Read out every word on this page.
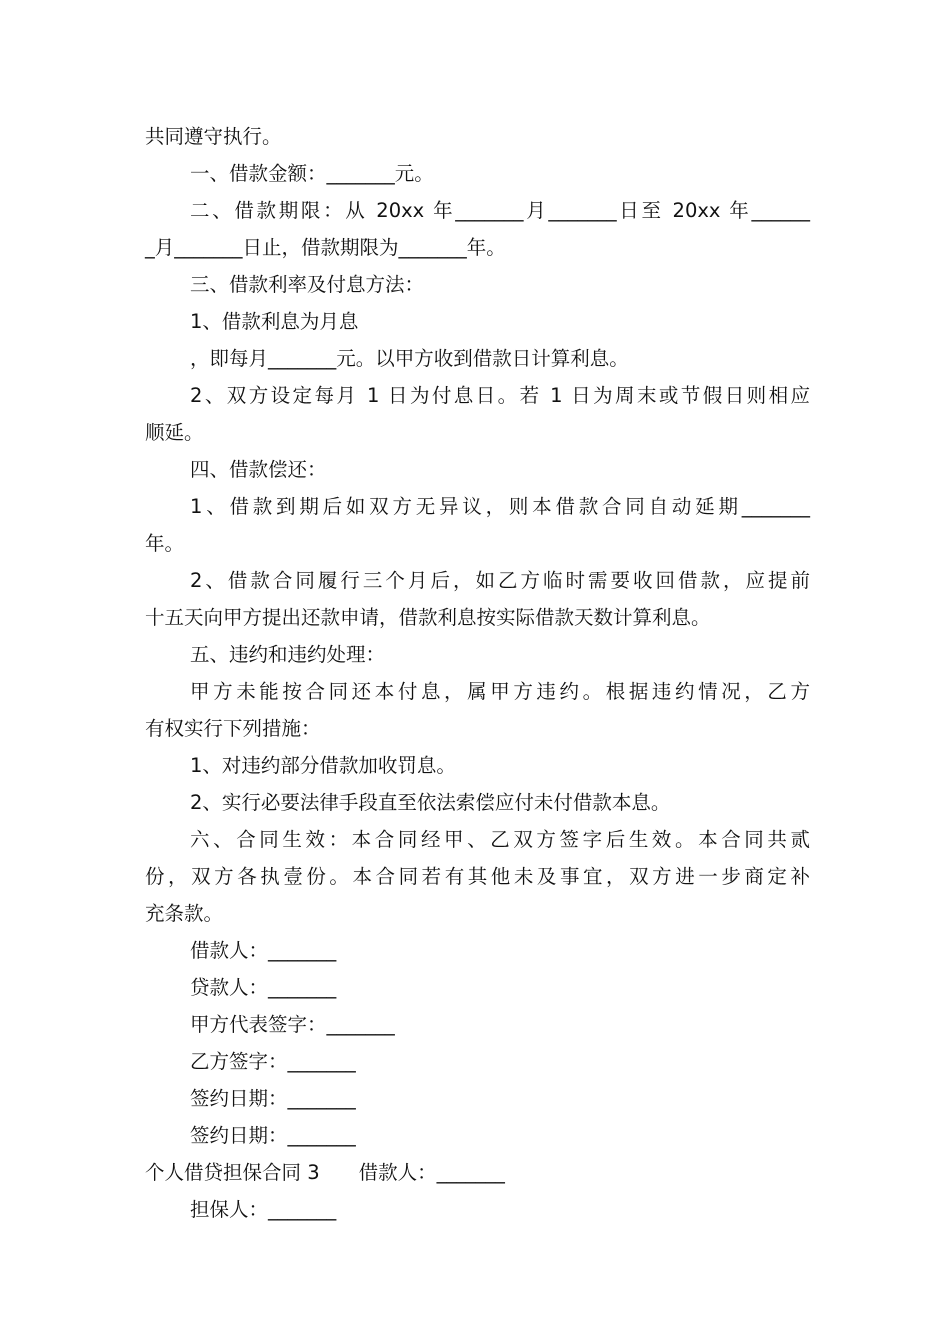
共同遵守执行。
一、借款金额：_______元。
二、借款期限：从 20xx 年_______月_______日至 20xx 年______
_月_______日止，借款期限为_______年。
三、借款利率及付息方法：
1、借款利息为月息
，即每月_______元。以甲方收到借款日计算利息。
2、双方设定每月 1 日为付息日。若 1 日为周末或节假日则相应
顺延。
四、借款偿还：
1、借款到期后如双方无异议，则本借款合同自动延期_______
年。
2、借款合同履行三个月后，如乙方临时需要收回借款，应提前
十五天向甲方提出还款申请，借款利息按实际借款天数计算利息。
五、违约和违约处理：
甲方未能按合同还本付息，属甲方违约。根据违约情况，乙方
有权实行下列措施：
1、对违约部分借款加收罚息。
2、实行必要法律手段直至依法索偿应付未付借款本息。
六、合同生效：本合同经甲、乙双方签字后生效。本合同共贰
份，双方各执壹份。本合同若有其他未及事宜，双方进一步商定补
充条款。
借款人：_______
贷款人：_______
甲方代表签字：_______
乙方签字：_______
签约日期：_______
签约日期：_______
个人借贷担保合同 3　　借款人：_______
担保人：_______
